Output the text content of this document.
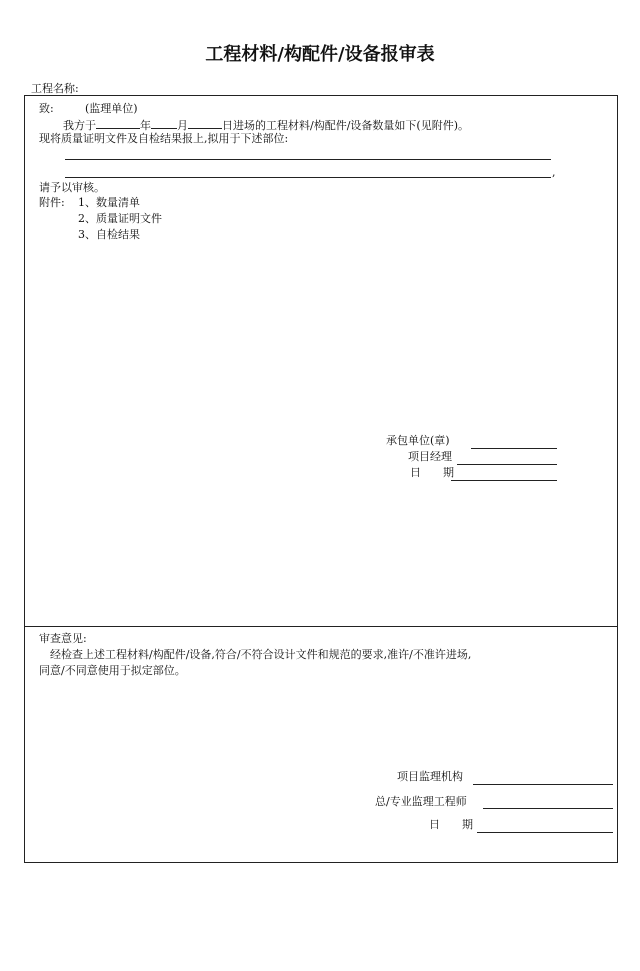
工程材料/构配件/设备报审表
工程名称:
致:	(监理单位)
我方于	年 月	日进场的工程材料/构配件/设备数量如下(见附件)。
现将质量证明文件及自检结果报上,拟用于下述部位:
,
请予以审核。
附件: 1、数量清单
2、质量证明文件
3、自检结果
承包单位(章)
项目经理
日　　期
审查意见:
经检查上述工程材料/构配件/设备,符合/不符合设计文件和规范的要求,准许/不准许进场,
同意/不同意使用于拟定部位。
项目监理机构
总/专业监理工程师
日　　期
